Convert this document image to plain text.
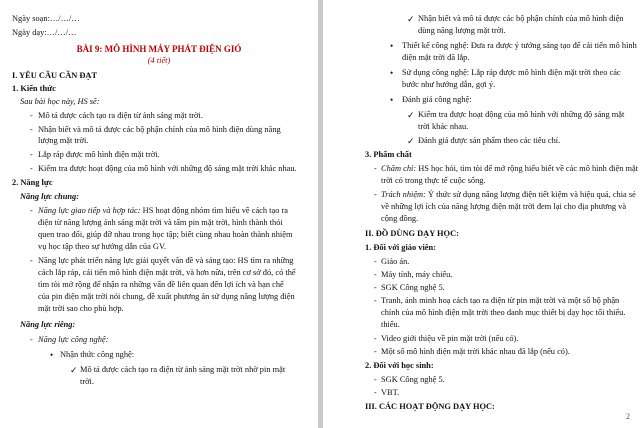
Ngày soạn:…/…/…
Ngày dạy:…/…/…
BÀI 9: MÔ HÌNH MÁY PHÁT ĐIỆN GIÓ
(4 tiết)
I. YÊU CẦU CẦN ĐẠT
1. Kiến thức
Sau bài học này, HS sẽ:
- Mô tả được cách tạo ra điện từ ánh sáng mặt trời.
- Nhận biết và mô tả được các bộ phận chính của mô hình điện dùng năng
lượng mặt trời.
- Lắp ráp được mô hình điện mặt trời.
- Kiểm tra được hoạt động của mô hình với những độ sáng mặt trời khác nhau.
2. Năng lực
Năng lực chung:
- Năng lực giao tiếp và hợp tác: HS hoạt động nhóm tìm hiểu về cách tạo ra
điện từ năng lượng ánh sáng mặt trời và tấm pin mặt trời, hình thành thói
quen trao đổi, giúp đỡ nhau trong học tập; biết cùng nhau hoàn thành nhiệm
vụ học tập theo sự hướng dẫn của GV.
- Năng lực phát triển năng lực giải quyết vấn đề và sáng tạo: HS tìm ra những
cách lắp ráp, cải tiến mô hình điện mặt trời, và hơn nữa, trên cơ sở đó, có thể
tìm tòi mở rộng để nhận ra những vấn đề liên quan đến lợi ích và hạn chế
của pin điện mặt trời nói chung, đề xuất phương án sử dụng năng lượng điện
mặt trời sao cho phù hợp.
Năng lực riêng:
- Năng lực công nghệ:
• Nhận thức công nghệ:
✓ Mô tả được cách tạo ra điện từ ánh sáng mặt trời nhờ pin mặt
trời.
✓ Nhận biết và mô tả được các bộ phận chính của mô hình điện
dùng năng lượng mặt trời.
• Thiết kế công nghệ: Đưa ra được ý tưởng sáng tạo để cải tiến mô hình
điện mặt trời đã lắp.
• Sử dụng công nghệ: Lắp ráp được mô hình điện mặt trời theo các
bước như hướng dẫn, gợi ý.
• Đánh giá công nghệ:
✓ Kiểm tra được hoạt động của mô hình với những độ sáng mặt
trời khác nhau.
✓ Đánh giá được sản phẩm theo các tiêu chí.
3. Phẩm chất
- Chăm chỉ: HS học hỏi, tìm tòi để mở rộng hiểu biết về các mô hình điện mặt
trời có trong thực tế cuộc sống.
- Trách nhiệm: Ý thức sử dụng năng lượng điện tiết kiệm và hiệu quả, chia sẻ
về những lợi ích của năng lượng điện mặt trời đem lại cho địa phương và
cộng đồng.
II. ĐỒ DÙNG DẠY HỌC:
1. Đối với giáo viên:
- Giáo án.
- Máy tính, máy chiếu.
- SGK Công nghệ 5.
- Tranh, ảnh minh hoạ cách tạo ra điện từ pin mặt trời và một số bộ phận
chính của mô hình điện mặt trời theo danh mục thiết bị dạy học tối thiểu.
thiểu.
- Video giới thiệu về pin mặt trời (nếu có).
- Một số mô hình điện mặt trời khác nhau đã lắp (nếu có).
2. Đối với học sinh:
- SGK Công nghệ 5.
- VBT.
III. CÁC HOẠT ĐỘNG DẠY HỌC:
2
